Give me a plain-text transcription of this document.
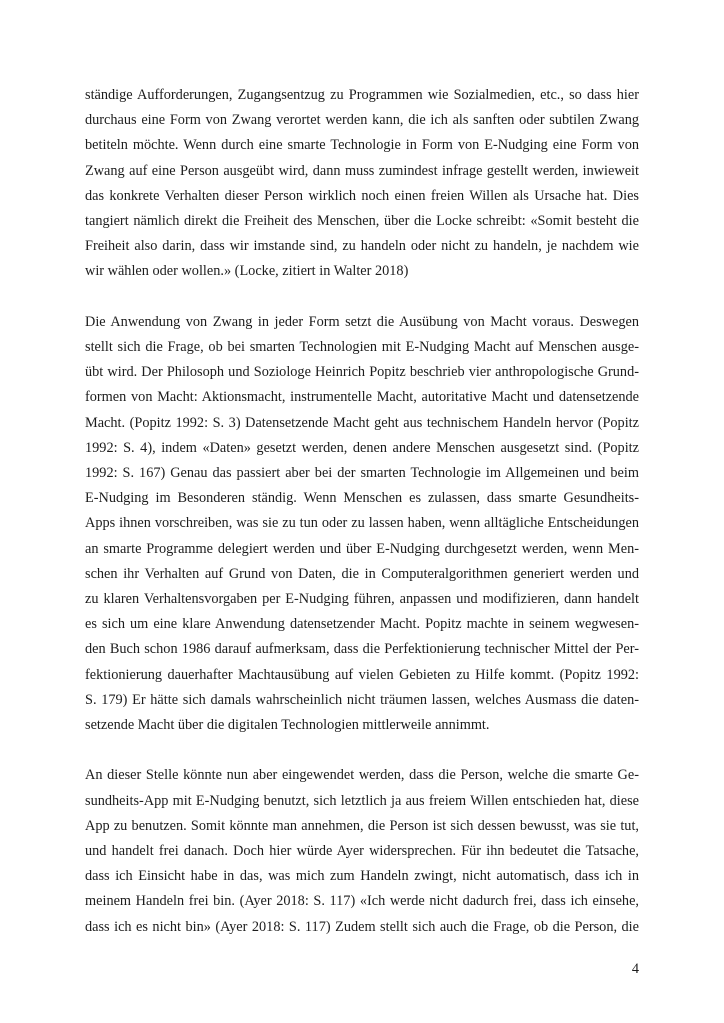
ständige Aufforderungen, Zugangsentzug zu Programmen wie Sozialmedien, etc., so dass hier
durchaus eine Form von Zwang verortet werden kann, die ich als sanften oder subtilen Zwang
betiteln möchte. Wenn durch eine smarte Technologie in Form von E-Nudging eine Form von
Zwang auf eine Person ausgeübt wird, dann muss zumindest infrage gestellt werden, inwieweit
das konkrete Verhalten dieser Person wirklich noch einen freien Willen als Ursache hat. Dies
tangiert nämlich direkt die Freiheit des Menschen, über die Locke schreibt: «Somit besteht die
Freiheit also darin, dass wir imstande sind, zu handeln oder nicht zu handeln, je nachdem wie
wir wählen oder wollen.» (Locke, zitiert in Walter 2018)
Die Anwendung von Zwang in jeder Form setzt die Ausübung von Macht voraus. Deswegen
stellt sich die Frage, ob bei smarten Technologien mit E-Nudging Macht auf Menschen ausge-
übt wird. Der Philosoph und Soziologe Heinrich Popitz beschrieb vier anthropologische Grund-
formen von Macht: Aktionsmacht, instrumentelle Macht, autoritative Macht und datensetzende
Macht. (Popitz 1992: S. 3) Datensetzende Macht geht aus technischem Handeln hervor (Popitz
1992: S. 4), indem «Daten» gesetzt werden, denen andere Menschen ausgesetzt sind. (Popitz
1992: S. 167) Genau das passiert aber bei der smarten Technologie im Allgemeinen und beim
E-Nudging im Besonderen ständig. Wenn Menschen es zulassen, dass smarte Gesundheits-
Apps ihnen vorschreiben, was sie zu tun oder zu lassen haben, wenn alltägliche Entscheidungen
an smarte Programme delegiert werden und über E-Nudging durchgesetzt werden, wenn Men-
schen ihr Verhalten auf Grund von Daten, die in Computeralgorithmen generiert werden und
zu klaren Verhaltensvorgaben per E-Nudging führen, anpassen und modifizieren, dann handelt
es sich um eine klare Anwendung datensetzender Macht. Popitz machte in seinem wegwesen-
den Buch schon 1986 darauf aufmerksam, dass die Perfektionierung technischer Mittel der Per-
fektionierung dauerhafter Machtausübung auf vielen Gebieten zu Hilfe kommt. (Popitz 1992:
S. 179) Er hätte sich damals wahrscheinlich nicht träumen lassen, welches Ausmass die daten-
setzende Macht über die digitalen Technologien mittlerweile annimmt.
An dieser Stelle könnte nun aber eingewendet werden, dass die Person, welche die smarte Ge-
sundheits-App mit E-Nudging benutzt, sich letztlich ja aus freiem Willen entschieden hat, diese
App zu benutzen. Somit könnte man annehmen, die Person ist sich dessen bewusst, was sie tut,
und handelt frei danach. Doch hier würde Ayer widersprechen. Für ihn bedeutet die Tatsache,
dass ich Einsicht habe in das, was mich zum Handeln zwingt, nicht automatisch, dass ich in
meinem Handeln frei bin. (Ayer 2018: S. 117) «Ich werde nicht dadurch frei, dass ich einsehe,
dass ich es nicht bin» (Ayer 2018: S. 117) Zudem stellt sich auch die Frage, ob die Person, die
4
